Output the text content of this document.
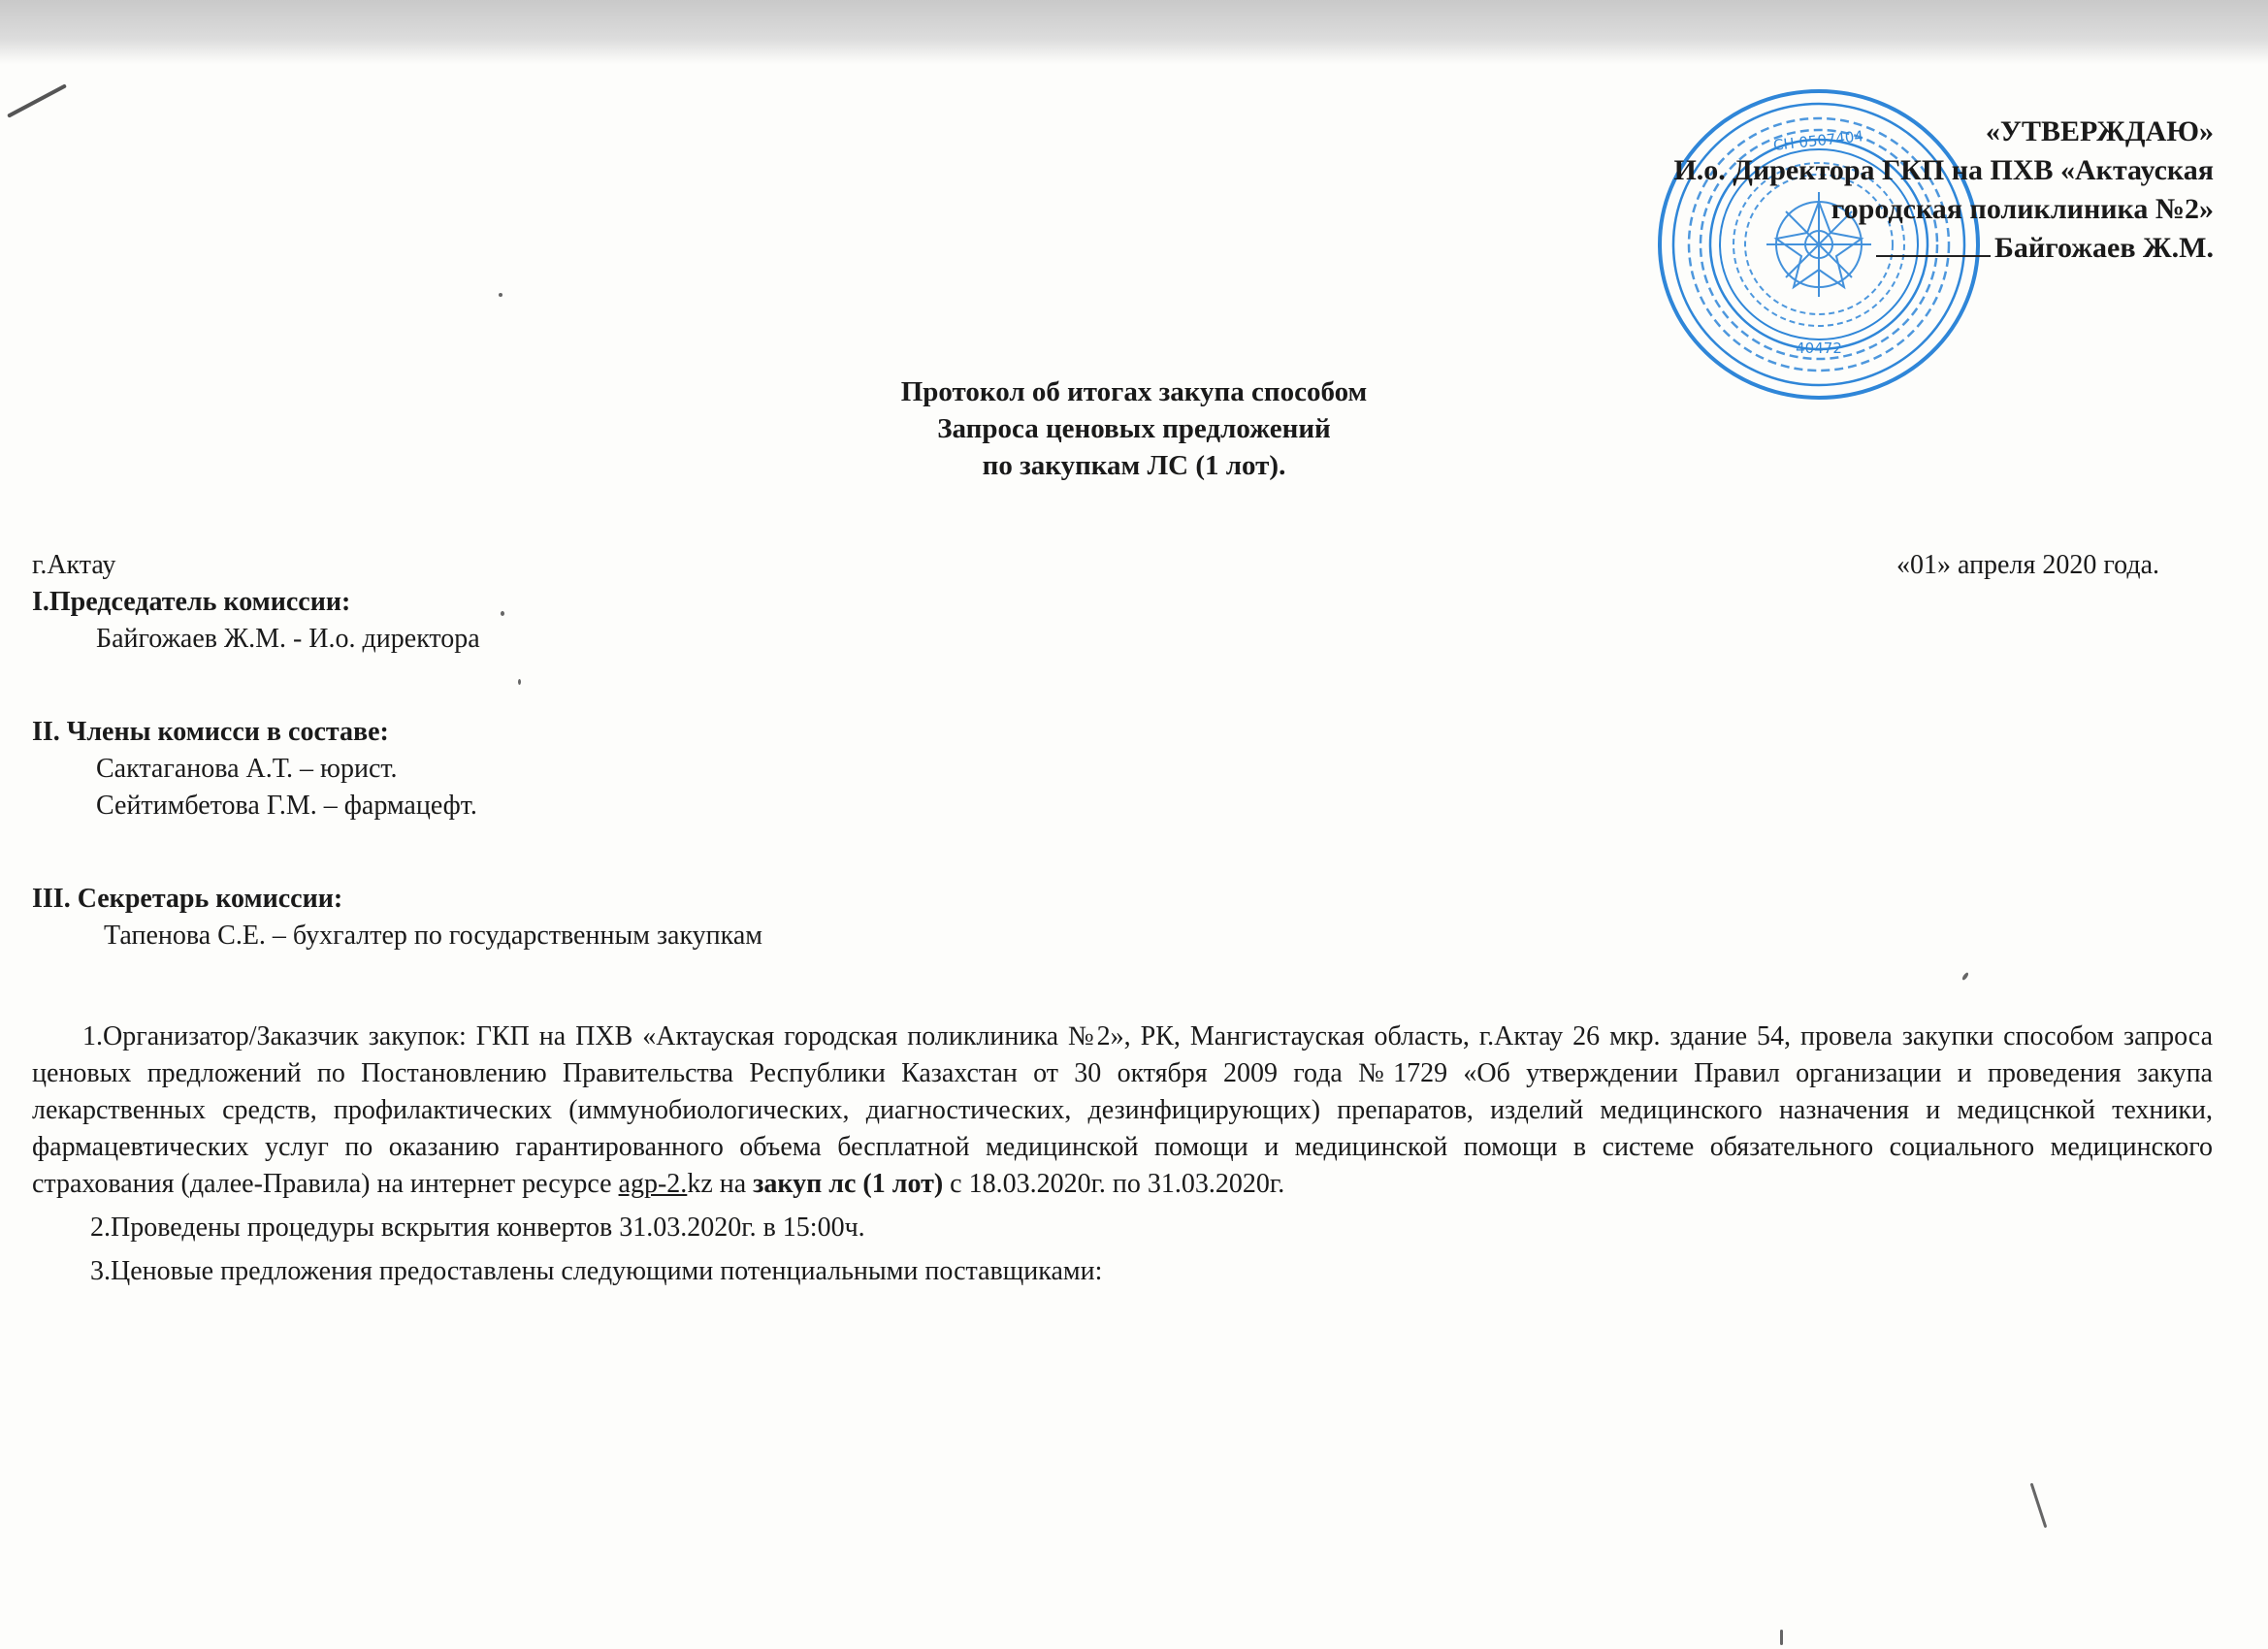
СН 0507404
40472
«УТВЕРЖДАЮ»
И.о. Директора ГКП на ПХВ «Актауская
городская поликлиника №2»
Байгожаев Ж.М.
Протокол об итогах закупа способом
Запроса ценовых предложений
по закупкам ЛС (1 лот).
г.Актау	«01» апреля 2020 года.
I.Председатель комиссии:
Байгожаев Ж.М. - И.о. директора
II. Члены комисси в составе:
Сактаганова А.Т. – юрист.
Сейтимбетова Г.М. – фармацефт.
III. Секретарь комиссии:
Тапенова С.Е. – бухгалтер по государственным закупкам

1.Организатор/Заказчик закупок: ГКП на ПХВ «Актауская городская поликлиника №2», РК, Мангистауская область, г.Актау 26 мкр. здание 54, провела закупки способом запроса ценовых предложений по Постановлению Правительства Республики Казахстан от 30 октября 2009 года №1729 «Об утверждении Правил организации и проведения закупа лекарственных средств, профилактических (иммунобиологических, диагностических, дезинфицирующих) препаратов, изделий медицинского назначения и медицснкой техники, фармацевтических услуг по оказанию гарантированного объема бесплатной медицинской помощи и медицинской помощи в системе обязательного социального медицинского страхования (далее-Правила) на интернет ресурсе agp-2.kz на закуп лс (1 лот) с 18.03.2020г. по 31.03.2020г.

2.Проведены процедуры вскрытия конвертов 31.03.2020г. в 15:00ч.

3.Ценовые предложения предоставлены следующими потенциальными поставщиками:
